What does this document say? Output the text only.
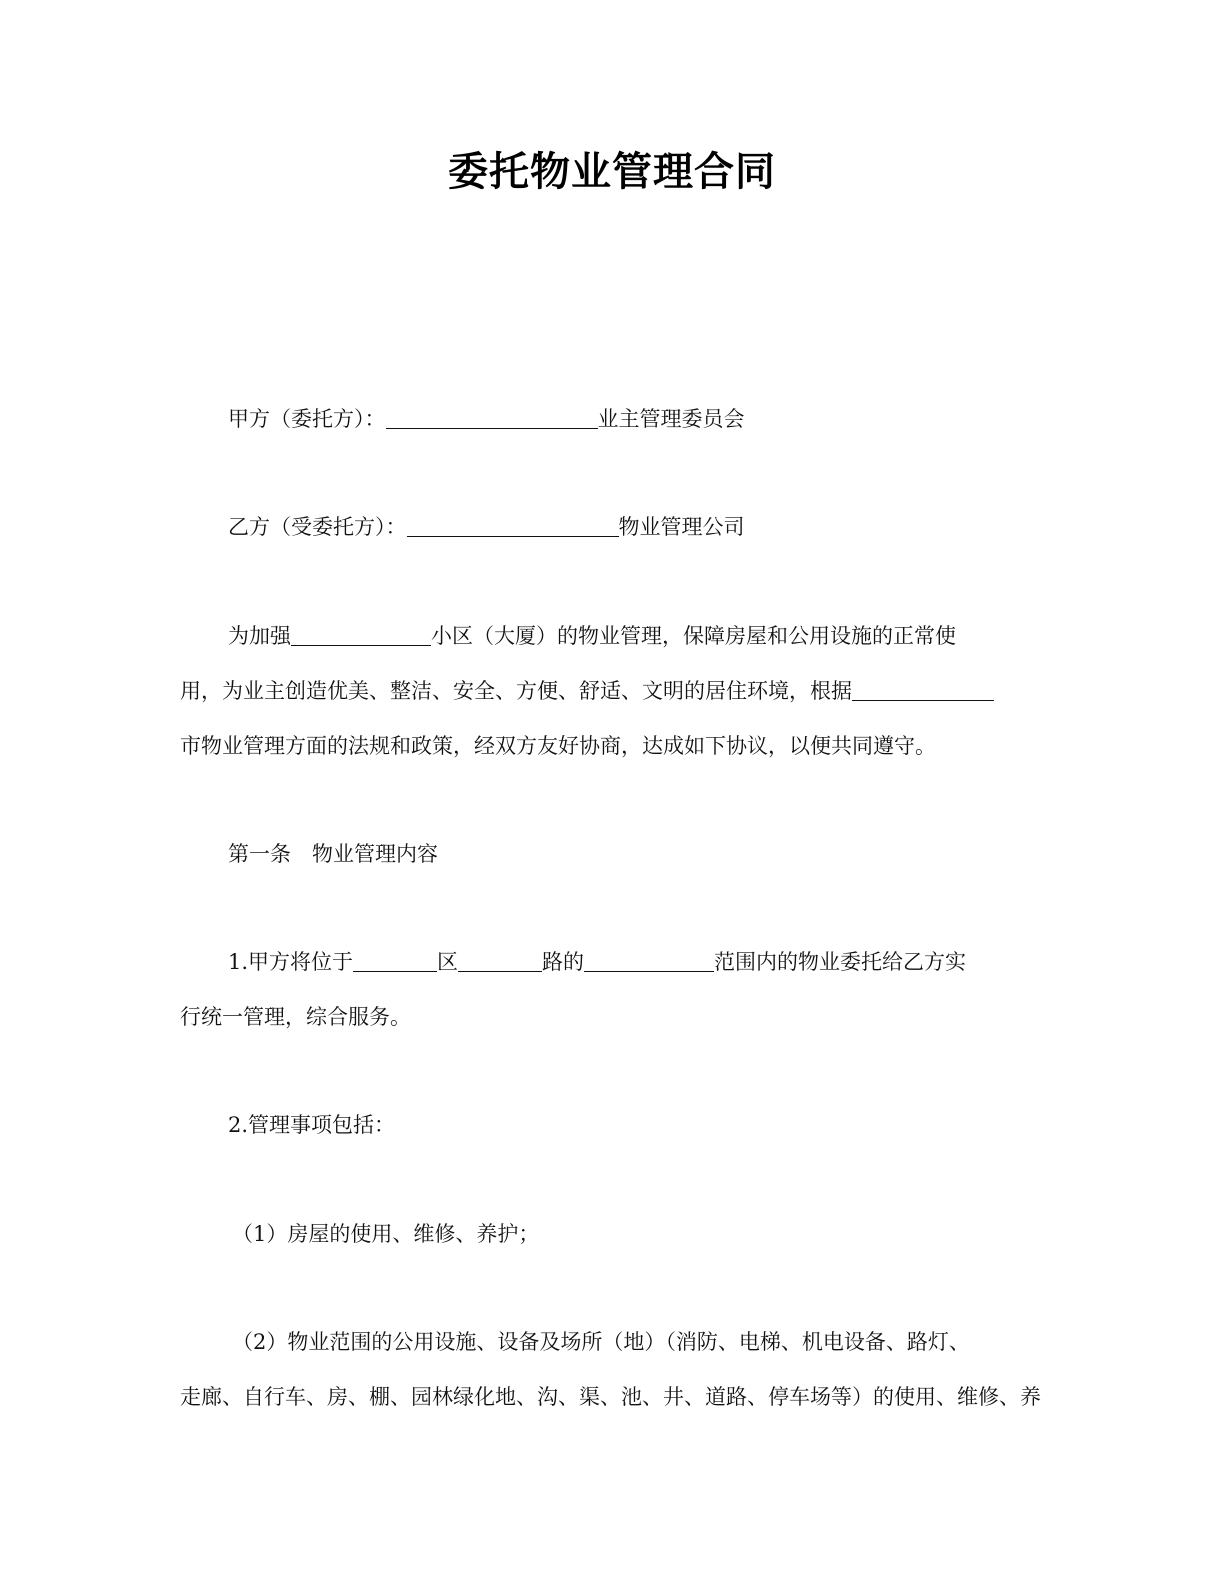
委托物业管理合同
甲方（委托方）：	业主管理委员会
乙方（受委托方）：	物业管理公司
为加强	小区（大厦）的物业管理，保障房屋和公用设施的正常使
用，为业主创造优美、整洁、安全、方便、舒适、文明的居住环境，根据
市物业管理方面的法规和政策，经双方友好协商，达成如下协议，以便共同遵守。
第一条　物业管理内容
1.甲方将位于	区	路的	范围内的物业委托给乙方实
行统一管理，综合服务。
2.管理事项包括：
（1）房屋的使用、维修、养护；
（2）物业范围的公用设施、设备及场所（地）（消防、电梯、机电设备、路灯、
走廊、自行车、房、棚、园林绿化地、沟、渠、池、井、道路、停车场等）的使用、维修、养
